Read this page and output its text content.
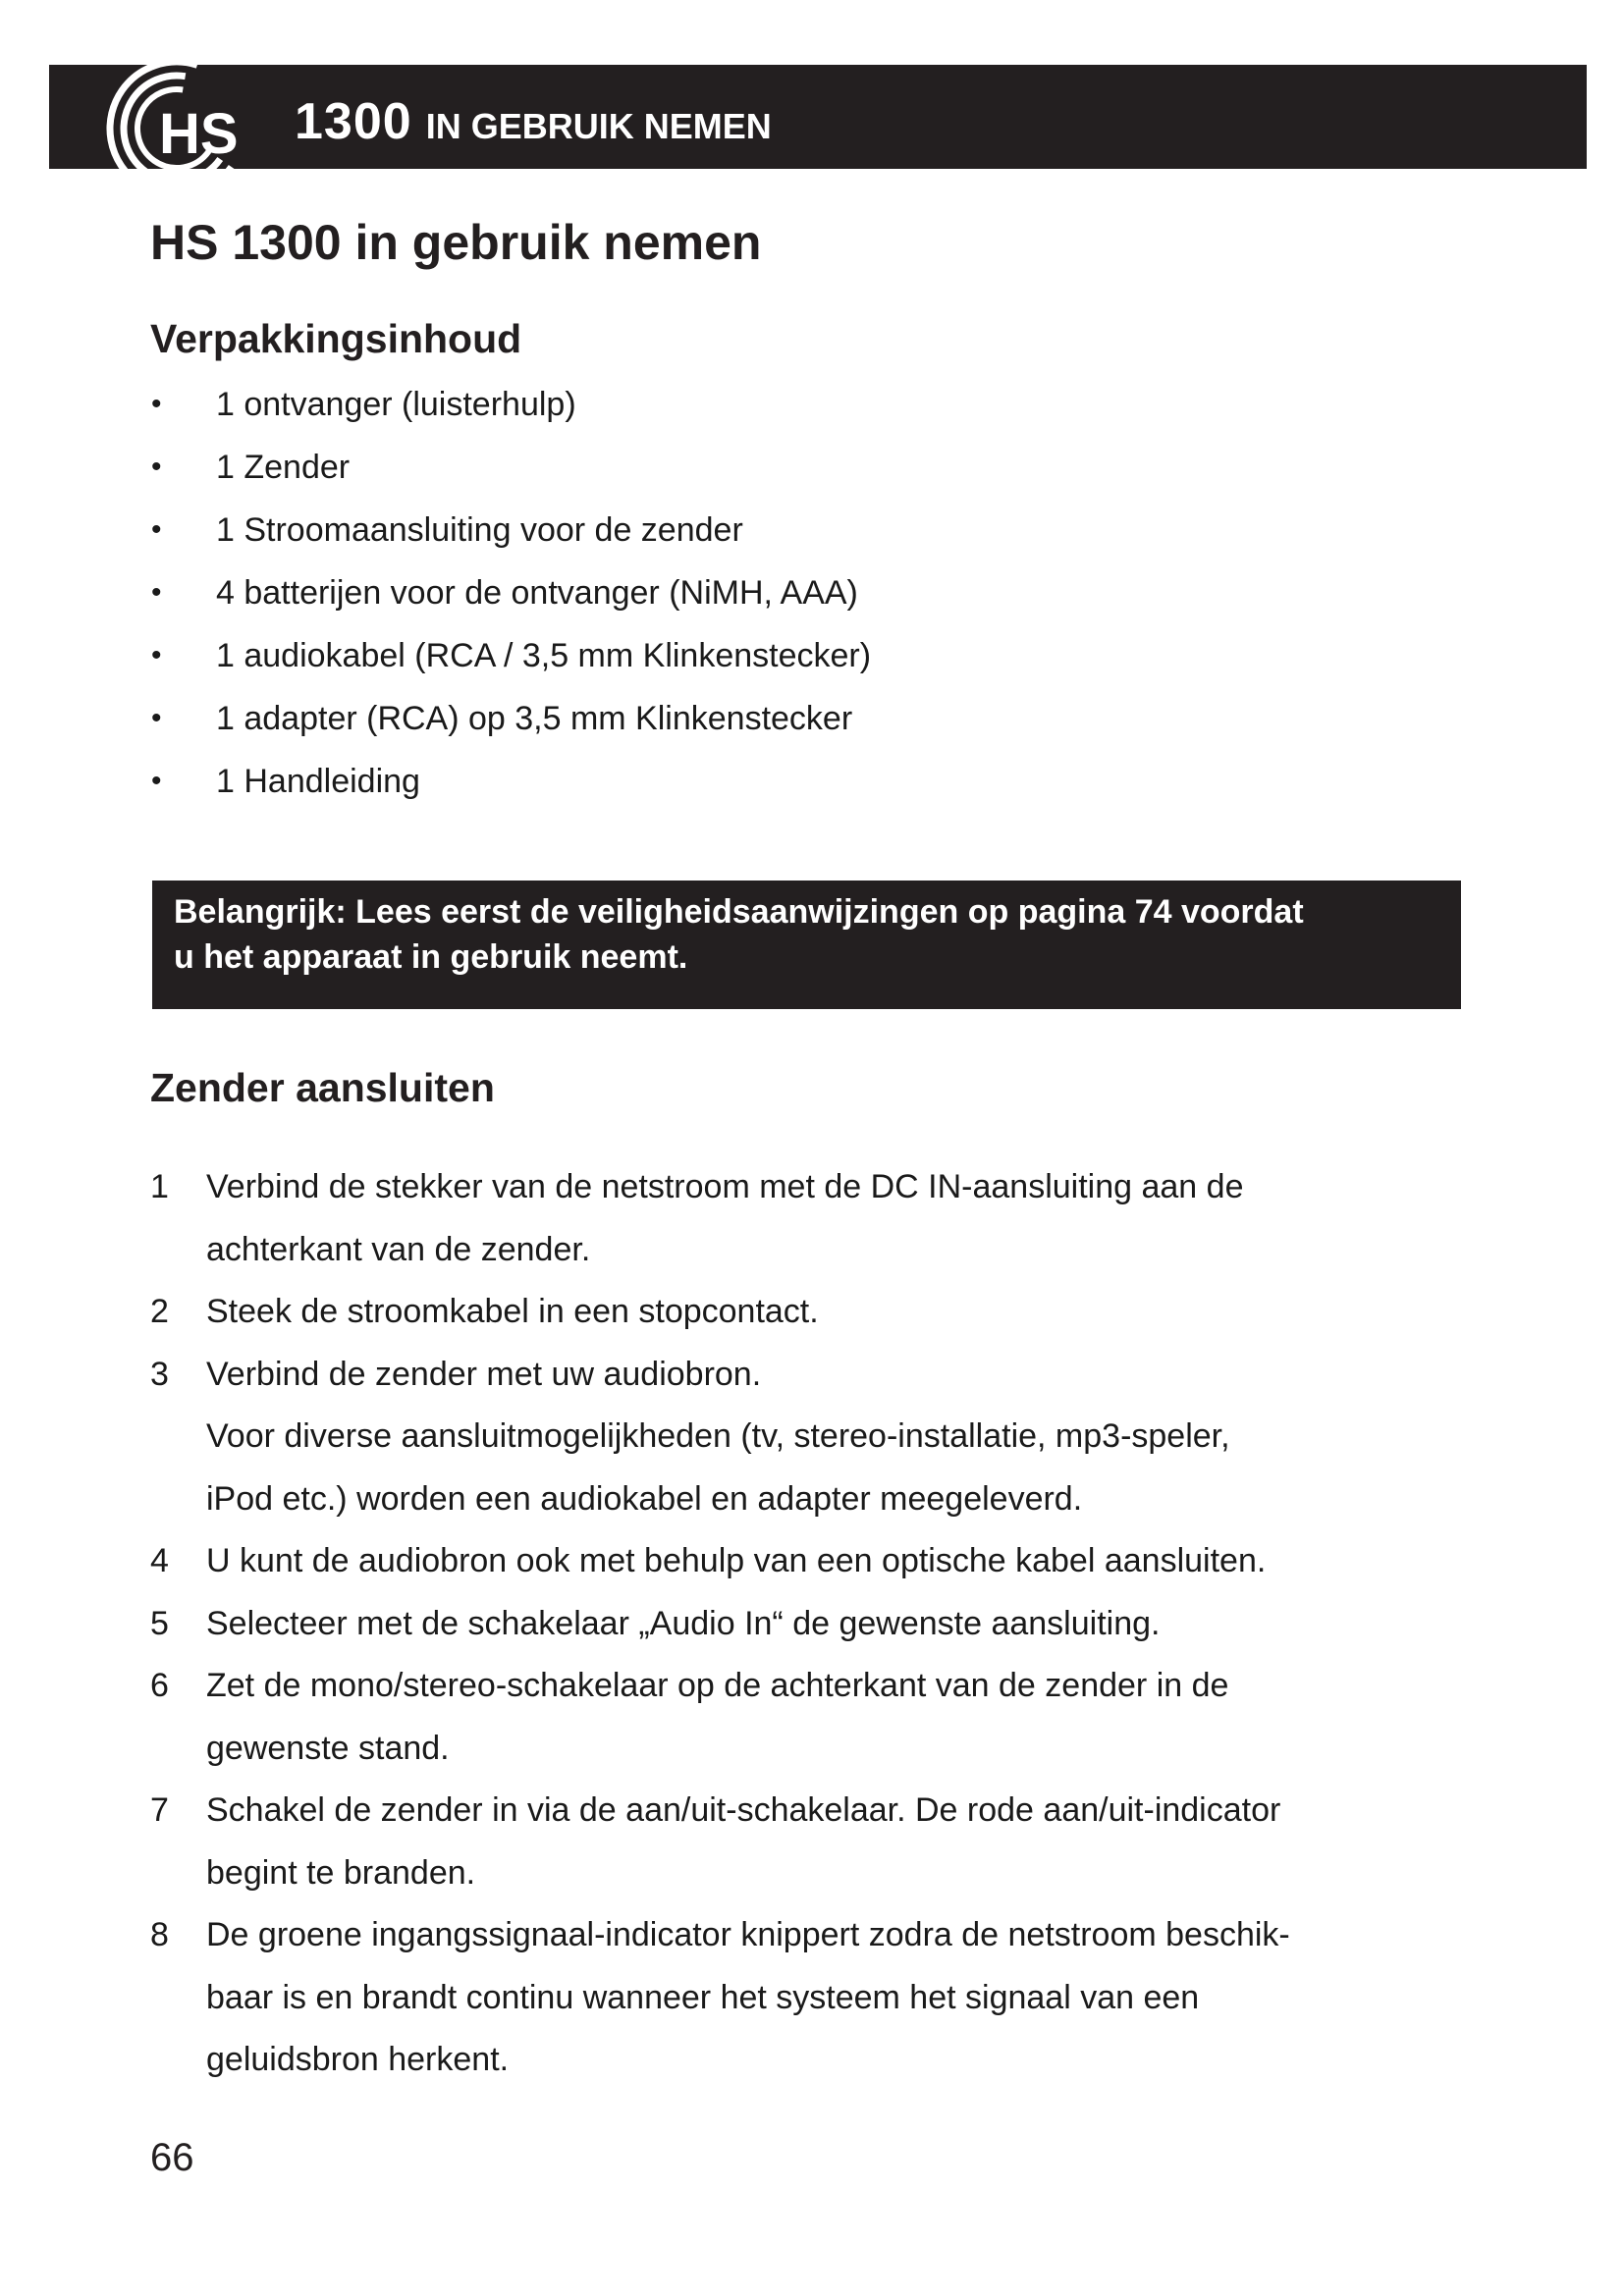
HS 1300 IN GEBRUIK NEMEN
HS 1300 in gebruik nemen
Verpakkingsinhoud
• 1 ontvanger (luisterhulp)
• 1 Zender
• 1 Stroomaansluiting voor de zender
• 4 batterijen voor de ontvanger (NiMH, AAA)
• 1 audiokabel (RCA / 3,5 mm Klinkenstecker)
• 1 adapter (RCA) op 3,5 mm Klinkenstecker
• 1 Handleiding

Belangrijk: Lees eerst de veiligheidsaanwijzingen op pagina 74 voordat

u het apparaat in gebruik neemt.

Zender aansluiten
1 Verbind de stekker van de netstroom met de DC IN-aansluiting aan de
achterkant van de zender.
2 Steek de stroomkabel in een stopcontact.
3 Verbind de zender met uw audiobron.
Voor diverse aansluitmogelijkheden (tv, stereo-installatie, mp3-speler,
iPod etc.) worden een audiokabel en adapter meegeleverd.
4 U kunt de audiobron ook met behulp van een optische kabel aansluiten.
5 Selecteer met de schakelaar „Audio In“ de gewenste aansluiting.
6 Zet de mono/stereo-schakelaar op de achterkant van de zender in de
gewenste stand.
7 Schakel de zender in via de aan/uit-schakelaar. De rode aan/uit-indicator
begint te branden.
8 De groene ingangssignaal-indicator knippert zodra de netstroom beschik-
baar is en brandt continu wanneer het systeem het signaal van een
geluidsbron herkent.
66
